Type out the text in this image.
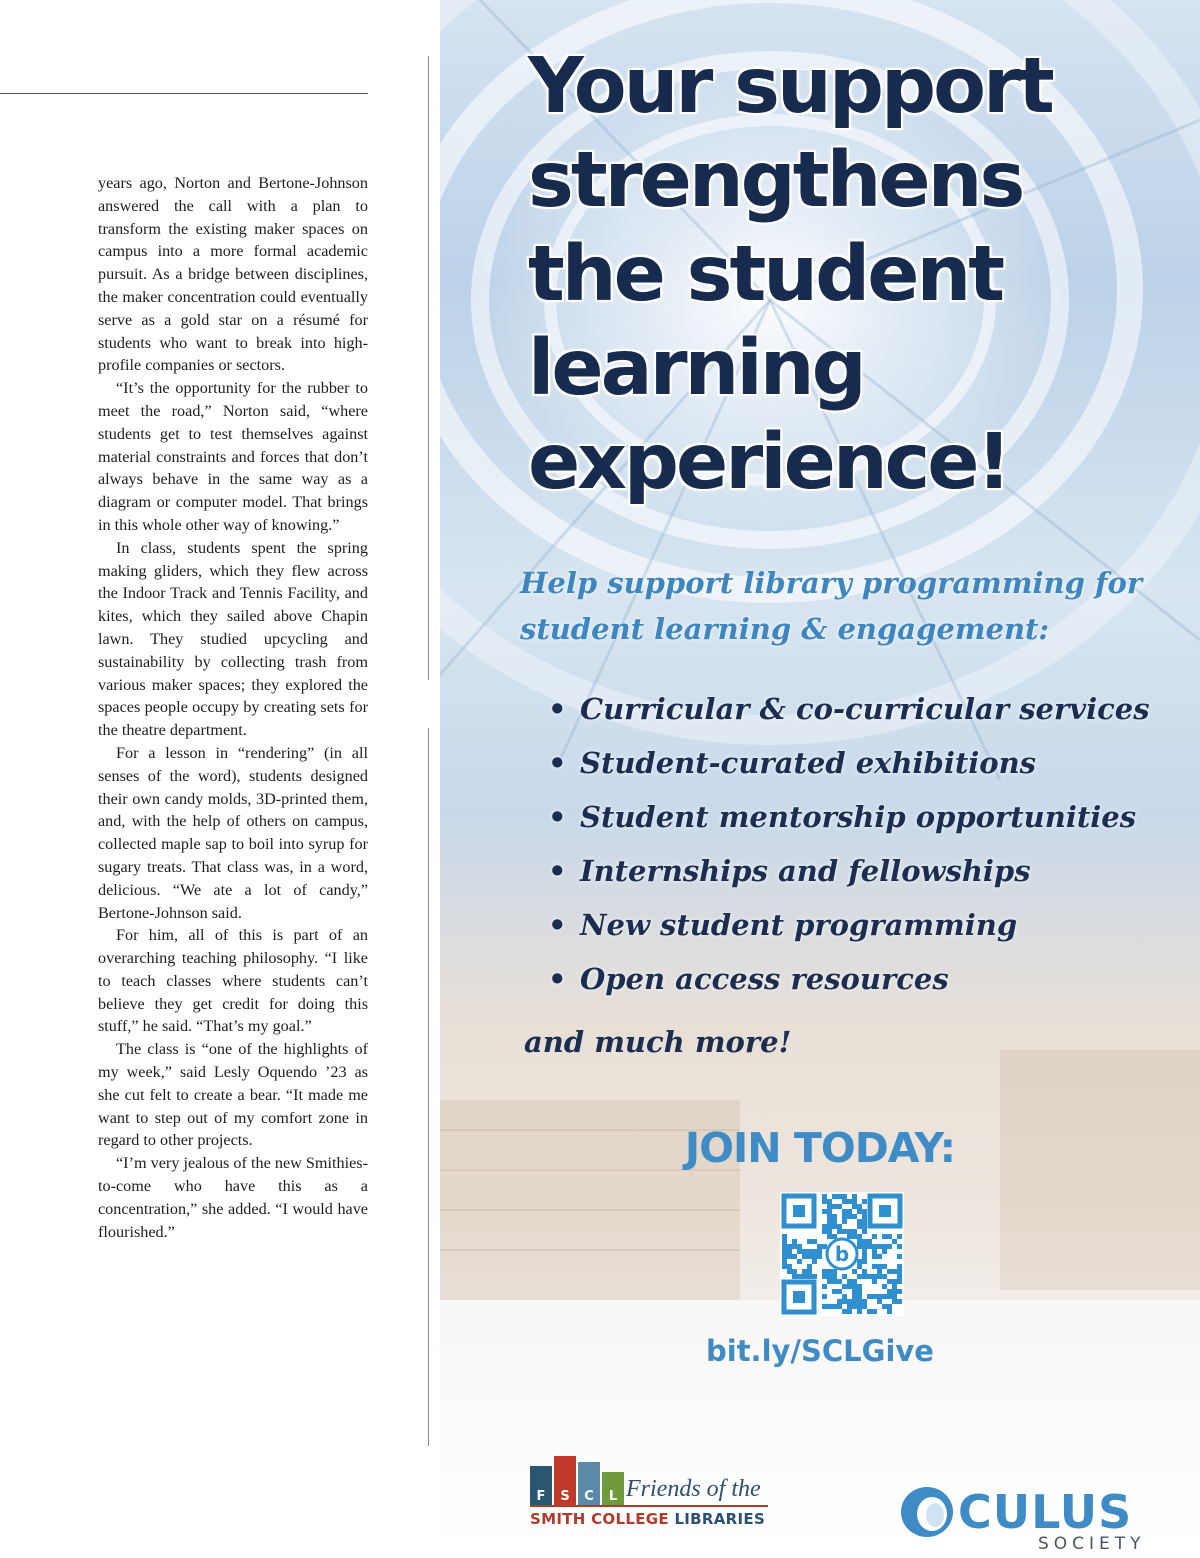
years ago, Norton and Bertone-Johnson answered the call with a plan to transform the existing maker spaces on campus into a more formal academic pursuit. As a bridge between disciplines, the maker concentration could eventually serve as a gold star on a résumé for students who want to break into high-profile companies or sectors.

“It’s the opportunity for the rubber to meet the road,” Norton said, “where students get to test themselves against material constraints and forces that don’t always behave in the same way as a diagram or computer model. That brings in this whole other way of knowing.”

In class, students spent the spring making gliders, which they flew across the Indoor Track and Tennis Facility, and kites, which they sailed above Chapin lawn. They studied upcycling and sustainability by collecting trash from various maker spaces; they explored the spaces people occupy by creating sets for the theatre department.

For a lesson in “rendering” (in all senses of the word), students designed their own candy molds, 3D-printed them, and, with the help of others on campus, collected maple sap to boil into syrup for sugary treats. That class was, in a word, delicious. “We ate a lot of candy,” Bertone-Johnson said.

For him, all of this is part of an overarching teaching philosophy. “I like to teach classes where students can’t believe they get credit for doing this stuff,” he said. “That’s my goal.”

The class is “one of the highlights of my week,” said Lesly Oquendo ’23 as she cut felt to create a bear. “It made me want to step out of my comfort zone in regard to other projects.

“I’m very jealous of the new Smithies-to-come who have this as a concentration,” she added. “I would have flourished.”

Your support strengthens the student learning experience!
Help support library programming for student learning & engagement:
• Curricular & co-curricular services
• Student-curated exhibitions
• Student mentorship opportunities
• Internships and fellowships
• New student programming
• Open access resources

and much more!

JOIN TODAY:

b
bit.ly/SCLGive
F	S	C	L Friends of the
SMITH COLLEGE LIBRARIES	CULUS
SOCIETY
